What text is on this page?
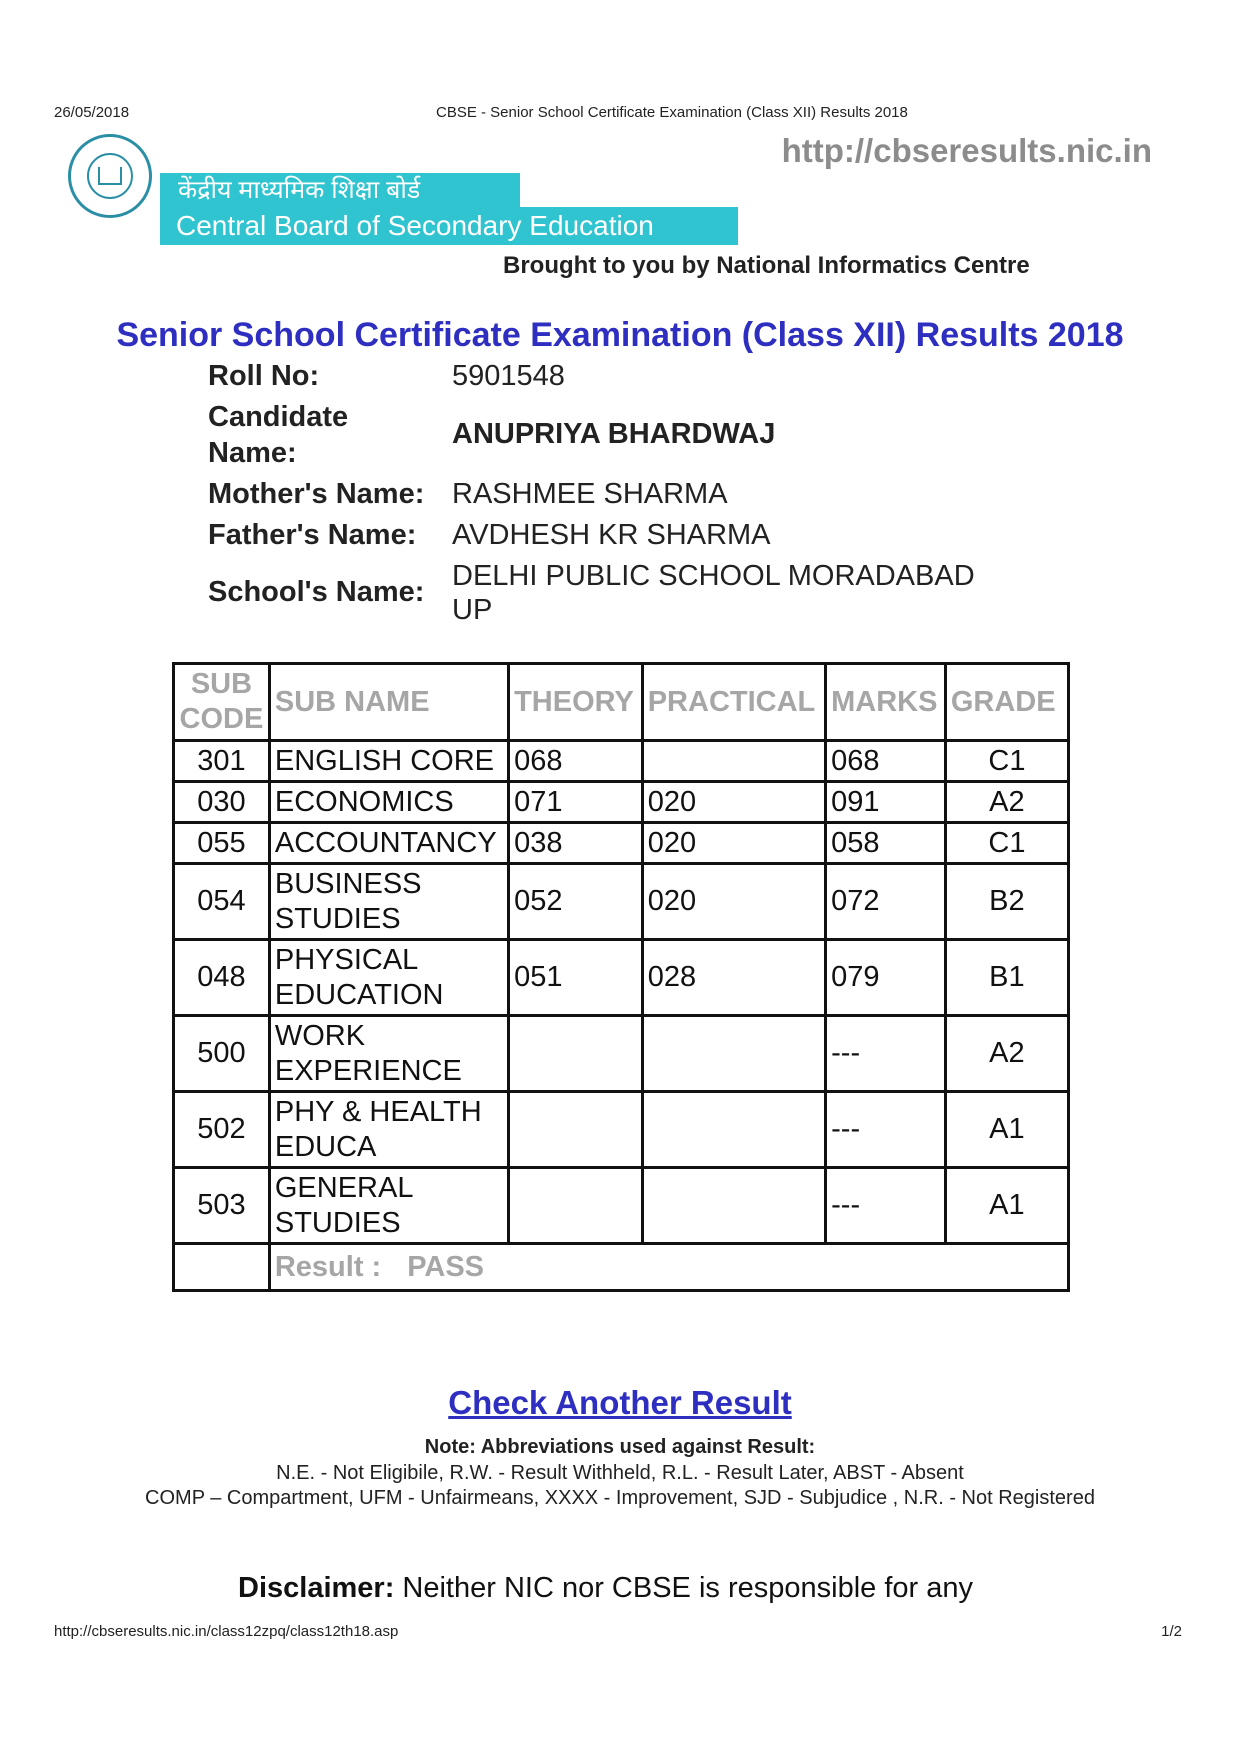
26/05/2018	CBSE - Senior School Certificate Examination (Class XII) Results 2018
http://cbseresults.nic.in
केंद्रीय माध्यमिक शिक्षा बोर्ड
Central Board of Secondary Education
Brought to you by National Informatics Centre
Senior School Certificate Examination (Class XII) Results 2018
Roll No:	5901548
Candidate
Name:
ANUPRIYA BHARDWAJ
Mother's Name: RASHMEE SHARMA
Father's Name: AVDHESH KR SHARMA
School's Name: DELHI PUBLIC SCHOOL MORADABAD
UP
SUB
CODE	SUB NAME	THEORY	PRACTICAL	MARKS	GRADE
301	ENGLISH CORE	068		068	C1
030	ECONOMICS	071	020	091	A2
055	ACCOUNTANCY	038	020	058	C1
054	BUSINESS
STUDIES	052	020	072	B2
048	PHYSICAL
EDUCATION	051	028	079	B1
500	WORK
EXPERIENCE			---	A2
502	PHY & HEALTH
EDUCA			---	A1
503	GENERAL
STUDIES			---	A1
	Result : PASS				
Check Another Result
Note: Abbreviations used against Result:
N.E. - Not Eligibile, R.W. - Result Withheld, R.L. - Result Later, ABST - Absent
COMP – Compartment, UFM - Unfairmeans, XXXX - Improvement, SJD - Subjudice , N.R. - Not Registered
Disclaimer: Neither NIC nor CBSE is responsible for any
http://cbseresults.nic.in/class12zpq/class12th18.asp	1/2
